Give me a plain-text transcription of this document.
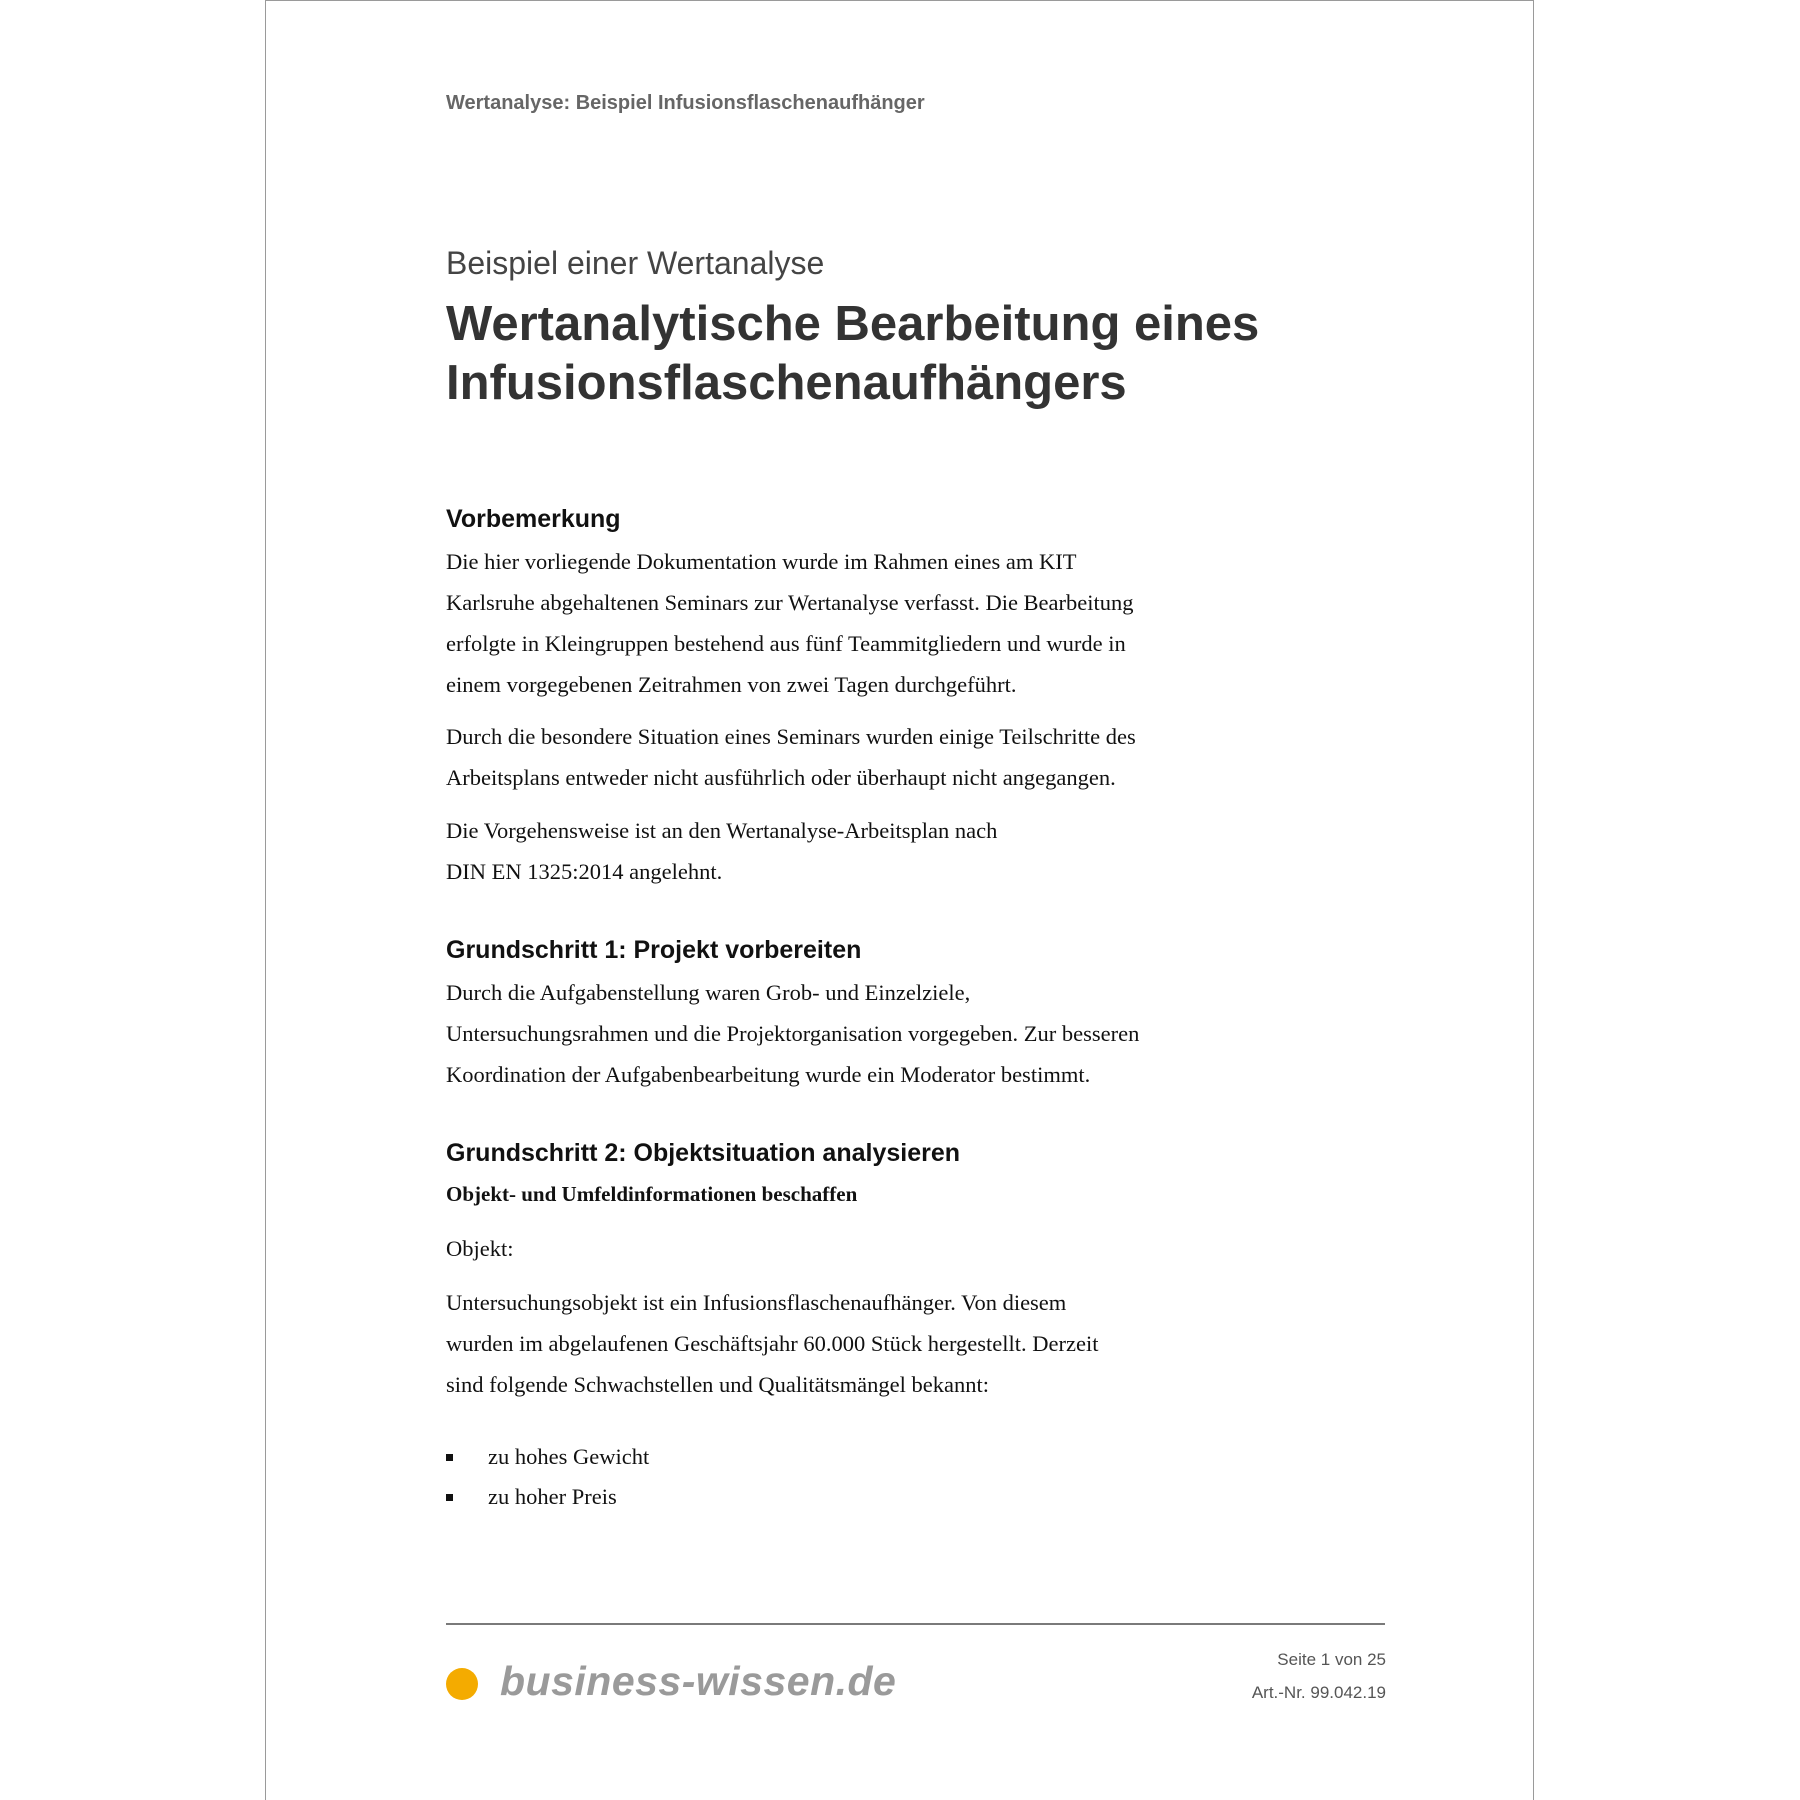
Wertanalyse: Beispiel Infusionsflaschenaufhänger

Beispiel einer Wertanalyse

Wertanalytische Bearbeitung eines
Infusionsflaschenaufhängers
Vorbemerkung
Die hier vorliegende Dokumentation wurde im Rahmen eines am KIT
Karlsruhe abgehaltenen Seminars zur Wertanalyse verfasst. Die Bearbeitung
erfolgte in Kleingruppen bestehend aus fünf Teammitgliedern und wurde in
einem vorgegebenen Zeitrahmen von zwei Tagen durchgeführt.
Durch die besondere Situation eines Seminars wurden einige Teilschritte des
Arbeitsplans entweder nicht ausführlich oder überhaupt nicht angegangen.
Die Vorgehensweise ist an den Wertanalyse-Arbeitsplan nach
DIN EN 1325:2014 angelehnt.
Grundschritt 1: Projekt vorbereiten
Durch die Aufgabenstellung waren Grob- und Einzelziele,
Untersuchungsrahmen und die Projektorganisation vorgegeben. Zur besseren
Koordination der Aufgabenbearbeitung wurde ein Moderator bestimmt.
Grundschritt 2: Objektsituation analysieren
Objekt- und Umfeldinformationen beschaffen

Objekt:

Untersuchungsobjekt ist ein Infusionsflaschenaufhänger. Von diesem
wurden im abgelaufenen Geschäftsjahr 60.000 Stück hergestellt. Derzeit
sind folgende Schwachstellen und Qualitätsmängel bekannt:
zu hohes Gewicht
zu hoher Preis

business-wissen.de	Seite 1 von 25

Art.-Nr. 99.042.19
